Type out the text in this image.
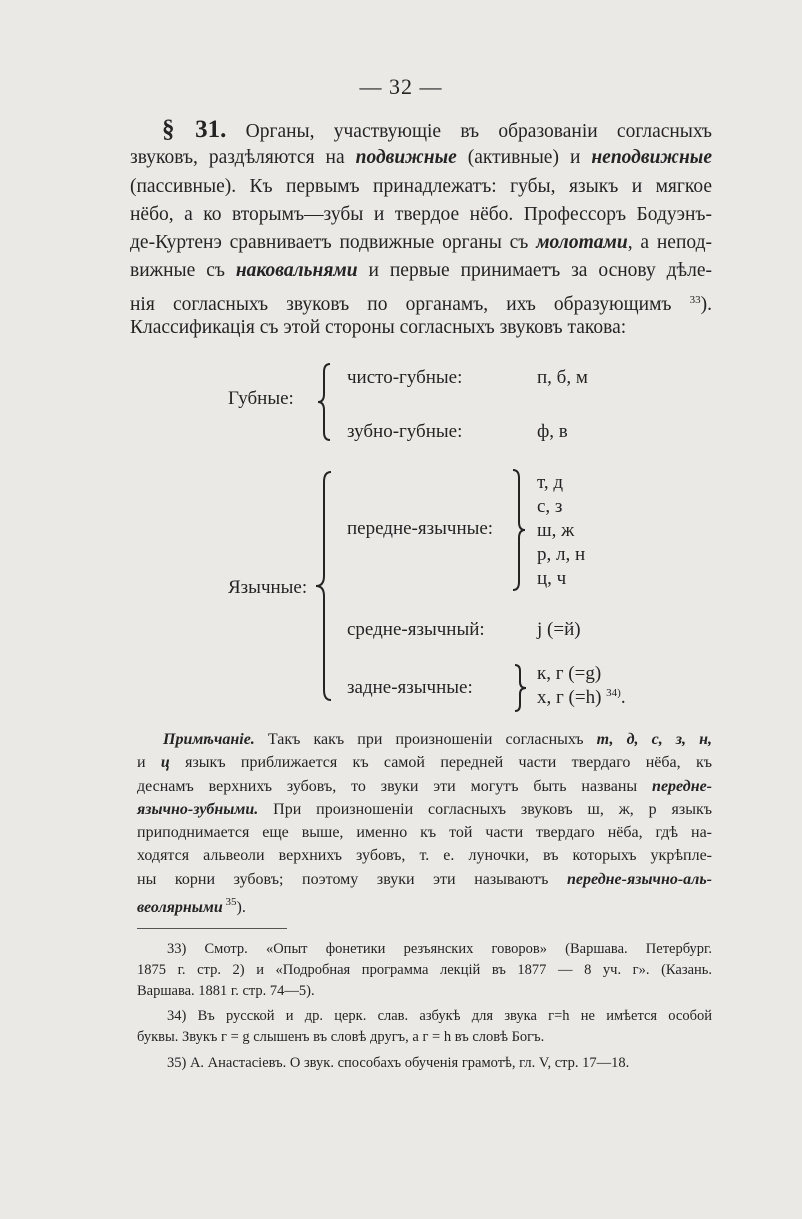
— 32 —
§ 31. Органы, участвующіе въ образованіи согласныхъ
звуковъ, раздѣляются на подвижные (активные) и неподвижные
(пассивные). Къ первымъ принадлежатъ: губы, языкъ и мягкое
нёбо, а ко вторымъ—зубы и твердое нёбо. Профессоръ Бодуэнъ-
де-Куртенэ сравниваетъ подвижные органы съ молотами, а непод-
вижные съ наковальнями и первые принимаетъ за основу дѣле-
нія согласныхъ звуковъ по органамъ, ихъ образующимъ $^{33}$).
Классификація съ этой стороны согласныхъ звуковъ такова:
Губные:
чисто-губные:	п, б, м
зубно-губные:	ф, в
Язычные:
передне-язычные:
т, д
с, з
ш, ж
р, л, н
ц, ч
средне-язычный:	j (=й)
задне-язычные:
к, г (=g)
х, г (=h) $^{34)}$.
Примѣчаніе. Такъ какъ при произношеніи согласныхъ т, д, с, з, н,
и ц языкъ приближается къ самой передней части твердаго нёба, къ
деснамъ верхнихъ зубовъ, то звуки эти могутъ быть названы передне-
язычно-зубными. При произношеніи согласныхъ звуковъ ш, ж, р языкъ
приподнимается еще выше, именно къ той части твердаго нёба, гдѣ на-
ходятся альвеоли верхнихъ зубовъ, т. е. луночки, въ которыхъ укрѣпле-
ны корни зубовъ; поэтому звуки эти называютъ передне-язычно-аль-
веолярными $^{35}$).
33) Смотр. «Опыт фонетики резъянских говоров» (Варшава. Петербург.
1875 г. стр. 2) и «Подробная программа лекцій въ 1877 — 8 уч. г». (Казань.
Варшава. 1881 г. стр. 74—5).
34) Въ русской и др. церк. слав. азбукѣ для звука г=h не имѣется особой
буквы. Звукъ г = g слышенъ въ словѣ другъ, а г = h въ словѣ Богъ.
35) А. Анастасіевъ. О звук. способахъ обученія грамотѣ, гл. V, стр. 17—18.
